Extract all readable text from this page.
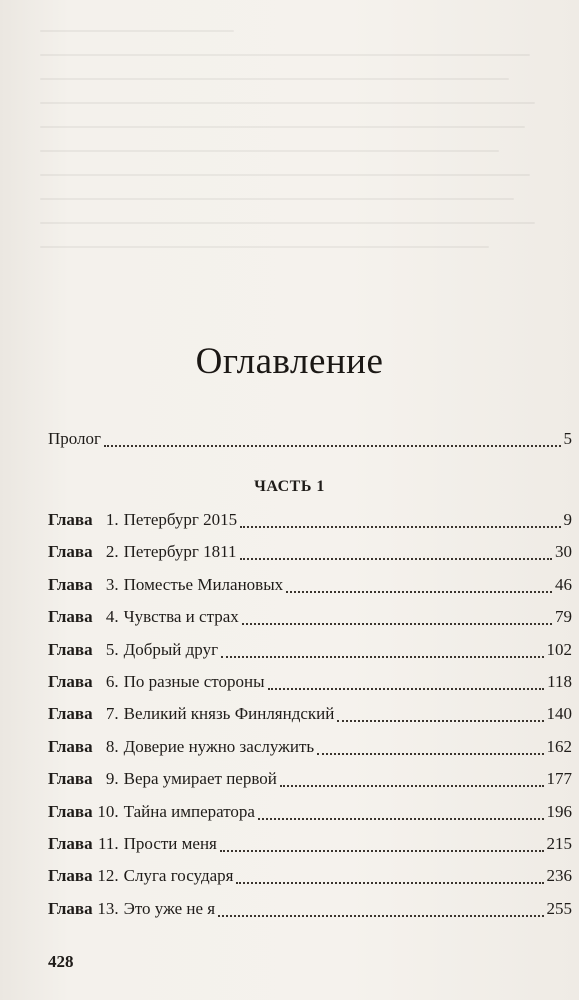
Оглавление
Пролог	5
ЧАСТЬ 1
Глава 1. Петербург 2015	9
Глава 2. Петербург 1811	30
Глава 3. Поместье Милановых	46
Глава 4. Чувства и страх	79
Глава 5. Добрый друг	102
Глава 6. По разные стороны	118
Глава 7. Великий князь Финляндский	140
Глава 8. Доверие нужно заслужить	162
Глава 9. Вера умирает первой	177
Глава 10. Тайна императора	196
Глава 11. Прости меня	215
Глава 12. Слуга государя	236
Глава 13. Это уже не я	255
428
